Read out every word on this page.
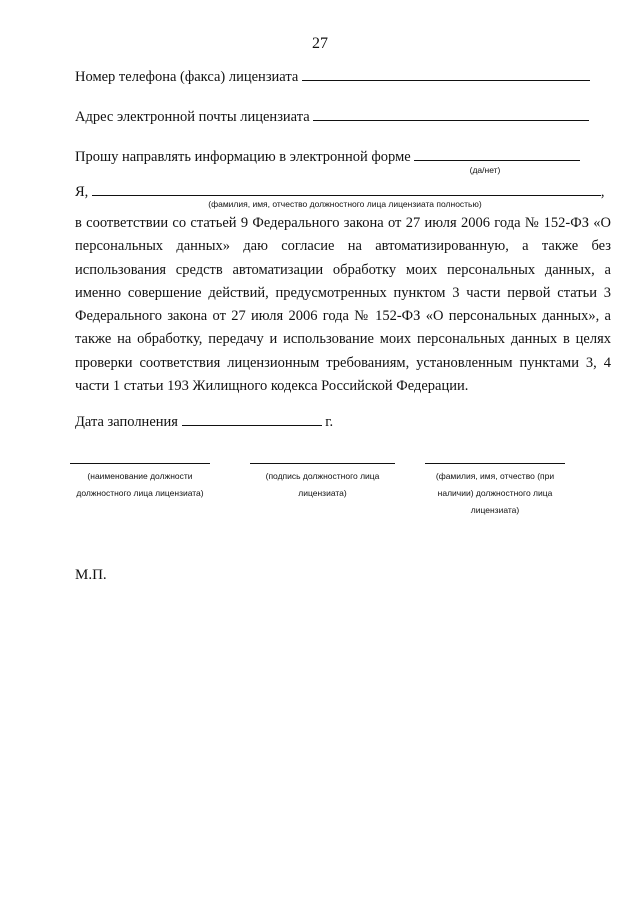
27
Номер телефона (факса) лицензиата
Адрес электронной почты лицензиата
Прошу направлять информацию в электронной форме
(да/нет)
Я,	,
(фамилия, имя, отчество должностного лица лицензиата полностью)
в соответствии со статьей 9 Федерального закона от 27 июля 2006 года № 152-ФЗ «О персональных данных» даю согласие на автоматизированную, а также без использования средств автоматизации обработку моих персональных данных, а именно совершение действий, предусмотренных пунктом 3 части первой статьи 3 Федерального закона от 27 июля 2006 года № 152-ФЗ «О персональных данных», а также на обработку, передачу и использование моих персональных данных в целях проверки соответствия лицензионным требованиям, установленным пунктами 3, 4 части 1 статьи 193 Жилищного кодекса Российской Федерации.
Дата заполнения	г.
(наименование должности должностного лица лицензиата)
(подпись должностного лица лицензиата)
(фамилия, имя, отчество (при наличии) должностного лица лицензиата)
М.П.
